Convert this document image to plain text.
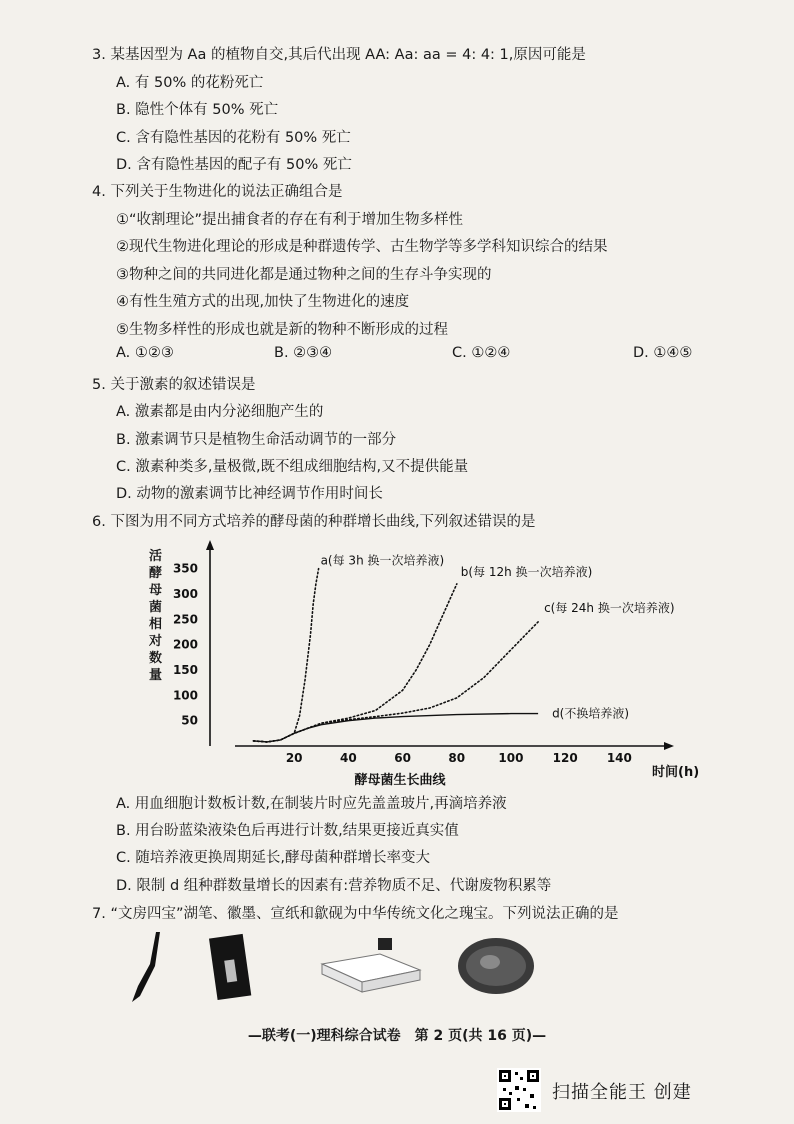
3. 某基因型为 Aa 的植物自交,其后代出现 AA: Aa: aa = 4: 4: 1,原因可能是
A. 有 50% 的花粉死亡
B. 隐性个体有 50% 死亡
C. 含有隐性基因的花粉有 50% 死亡
D. 含有隐性基因的配子有 50% 死亡
4. 下列关于生物进化的说法正确组合是
①“收割理论”提出捕食者的存在有利于增加生物多样性
②现代生物进化理论的形成是种群遗传学、古生物学等多学科知识综合的结果
③物种之间的共同进化都是通过物种之间的生存斗争实现的
④有性生殖方式的出现,加快了生物进化的速度
⑤生物多样性的形成也就是新的物种不断形成的过程
A. ①②③	B. ②③④	C. ①②④	D. ①④⑤
5. 关于激素的叙述错误是
A. 激素都是由内分泌细胞产生的
B. 激素调节只是植物生命活动调节的一部分
C. 激素种类多,量极微,既不组成细胞结构,又不提供能量
D. 动物的激素调节比神经调节作用时间长
6. 下图为用不同方式培养的酵母菌的种群增长曲线,下列叙述错误的是
活酵母菌相对数量
20	40	60	80	100 120 140
50
100
150
200
250
300
350
时间(h)
酵母菌生长曲线
a(每 3h 换一次培养液)
b(每 12h 换一次培养液)
c(每 24h 换一次培养液)
d(不换培养液)
A. 用血细胞计数板计数,在制装片时应先盖盖玻片,再滴培养液
B. 用台盼蓝染液染色后再进行计数,结果更接近真实值
C. 随培养液更换周期延长,酵母菌种群增长率变大
D. 限制 d 组种群数量增长的因素有:营养物质不足、代谢废物积累等
7. “文房四宝”湖笔、徽墨、宣纸和歙砚为中华传统文化之瑰宝。下列说法正确的是
—联考(一)理科综合试卷　第 2 页(共 16 页)—
扫描全能王 创建
